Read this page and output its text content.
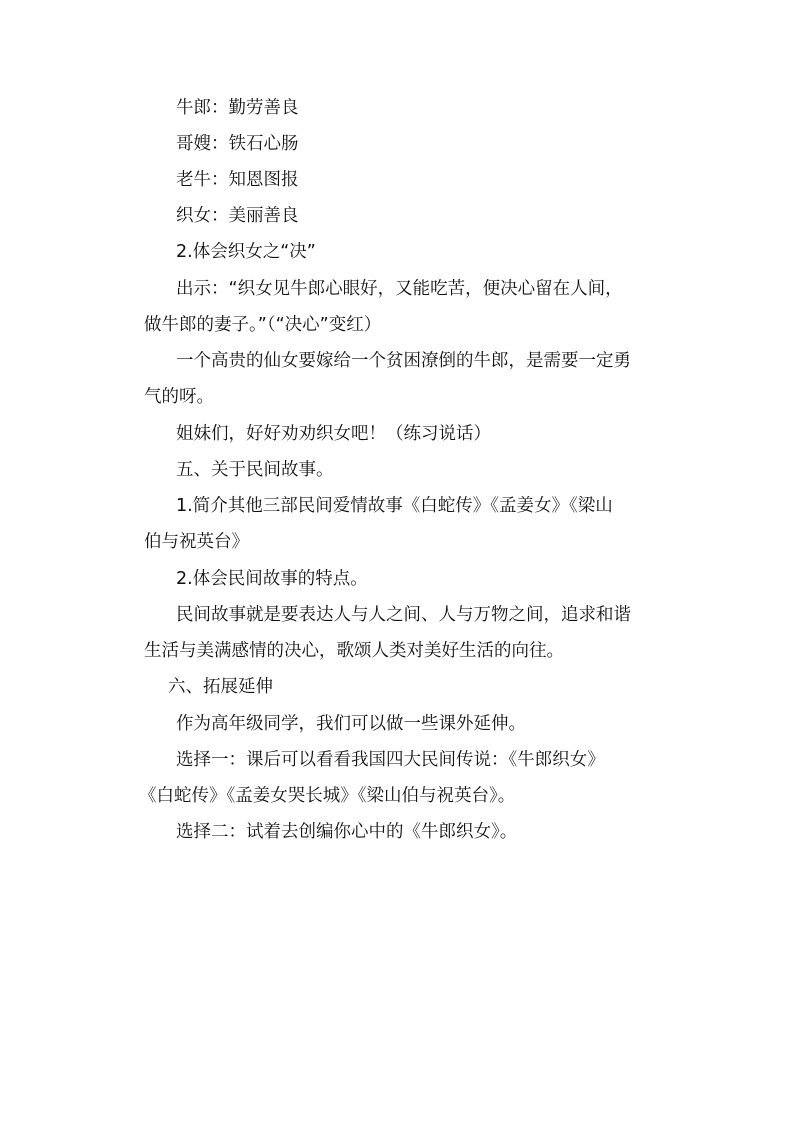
牛郎：勤劳善良
哥嫂：铁石心肠
老牛：知恩图报
织女：美丽善良
2.体会织女之“决”
出示：“织女见牛郎心眼好，又能吃苦，便决心留在人间，
做牛郎的妻子。”（“决心”变红）
一个高贵的仙女要嫁给一个贫困潦倒的牛郎，是需要一定勇
气的呀。
姐妹们，好好劝劝织女吧！（练习说话）
五、关于民间故事。
1.简介其他三部民间爱情故事《白蛇传》《孟姜女》《梁山
伯与祝英台》
2.体会民间故事的特点。
民间故事就是要表达人与人之间、人与万物之间，追求和谐
生活与美满感情的决心，歌颂人类对美好生活的向往。
六、拓展延伸
作为高年级同学，我们可以做一些课外延伸。
选择一：课后可以看看我国四大民间传说：《牛郎织女》
《白蛇传》《孟姜女哭长城》《梁山伯与祝英台》。
选择二：试着去创编你心中的《牛郎织女》。
